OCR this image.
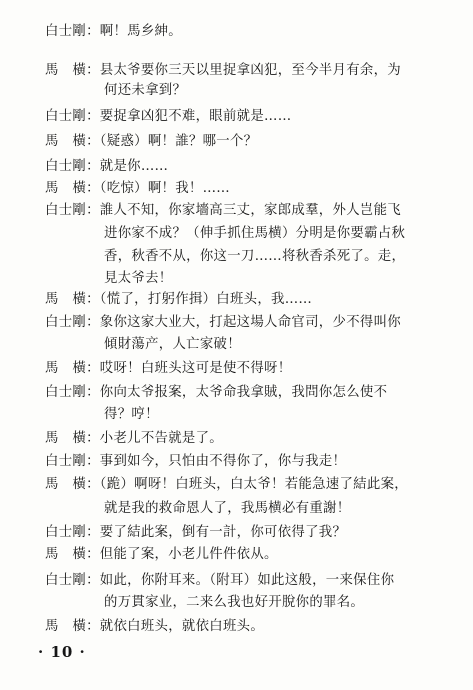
白士剛：啊！馬乡紳。
馬　橫：县太爷要你三天以里捉拿凶犯，至今半月有余，为
何还未拿到？
白士剛：要捉拿凶犯不难，眼前就是……
馬　橫：（疑惑）啊！誰？哪一个？
白士剛：就是你……
馬　橫：（吃惊）啊！我！……
白士剛：誰人不知，你家墻高三丈，家郎成羣，外人岂能飞
进你家不成？（伸手抓住馬横）分明是你要霸占秋
香，秋香不从，你这一刀……将秋香杀死了。走，
見太爷去！
馬　橫：（慌了，打躬作揖）白班头，我……
白士剛：象你这家大业大，打起这場人命官司，少不得叫你
傾財蕩产，人亡家破！
馬　橫：哎呀！白班头这可是使不得呀！
白士剛：你向太爷报案，太爷命我拿賊，我問你怎么使不
得？哼！
馬　橫：小老儿不告就是了。
白士剛：事到如今，只怕由不得你了，你与我走！
馬　橫：（跪）啊呀！白班头，白太爷！若能急速了結此案，
就是我的救命恩人了，我馬横必有重謝！
白士剛：要了結此案，倒有一計，你可依得了我？
馬　橫：但能了案，小老儿件件依从。
白士剛：如此，你附耳来。（附耳）如此这般，一来保住你
的万貫家业，二来么我也好开脫你的罪名。
馬　橫：就依白班头，就依白班头。
· 10 ·
